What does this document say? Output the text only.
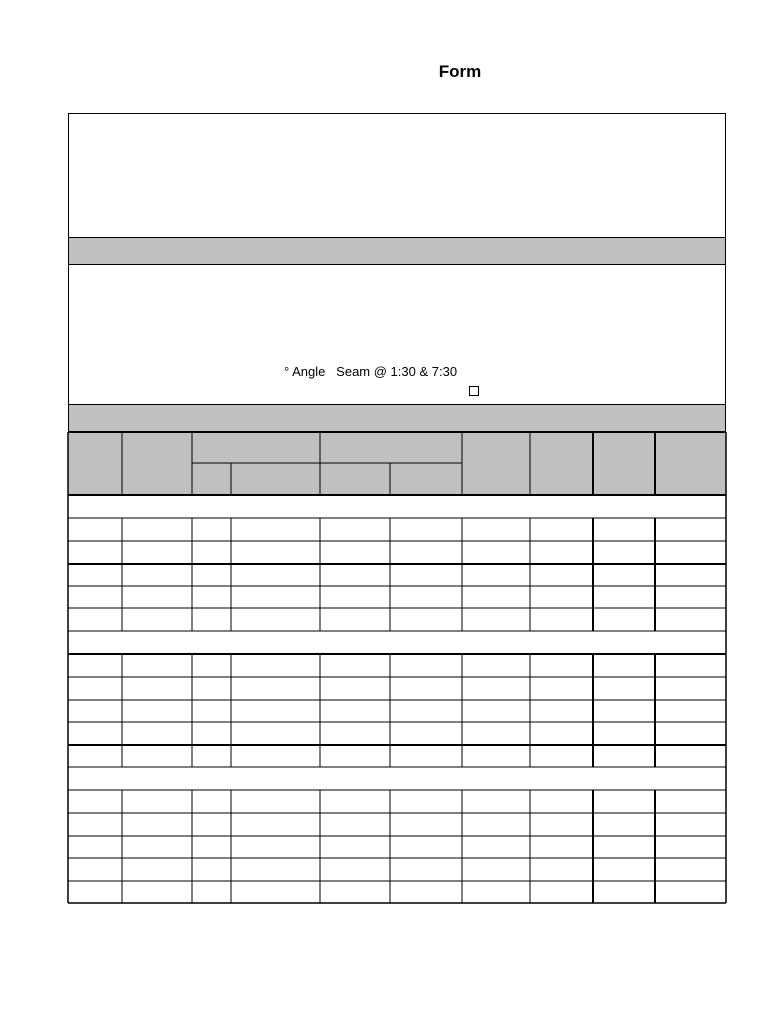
Form
° Angle   Seam @ 1:30 & 7:30
